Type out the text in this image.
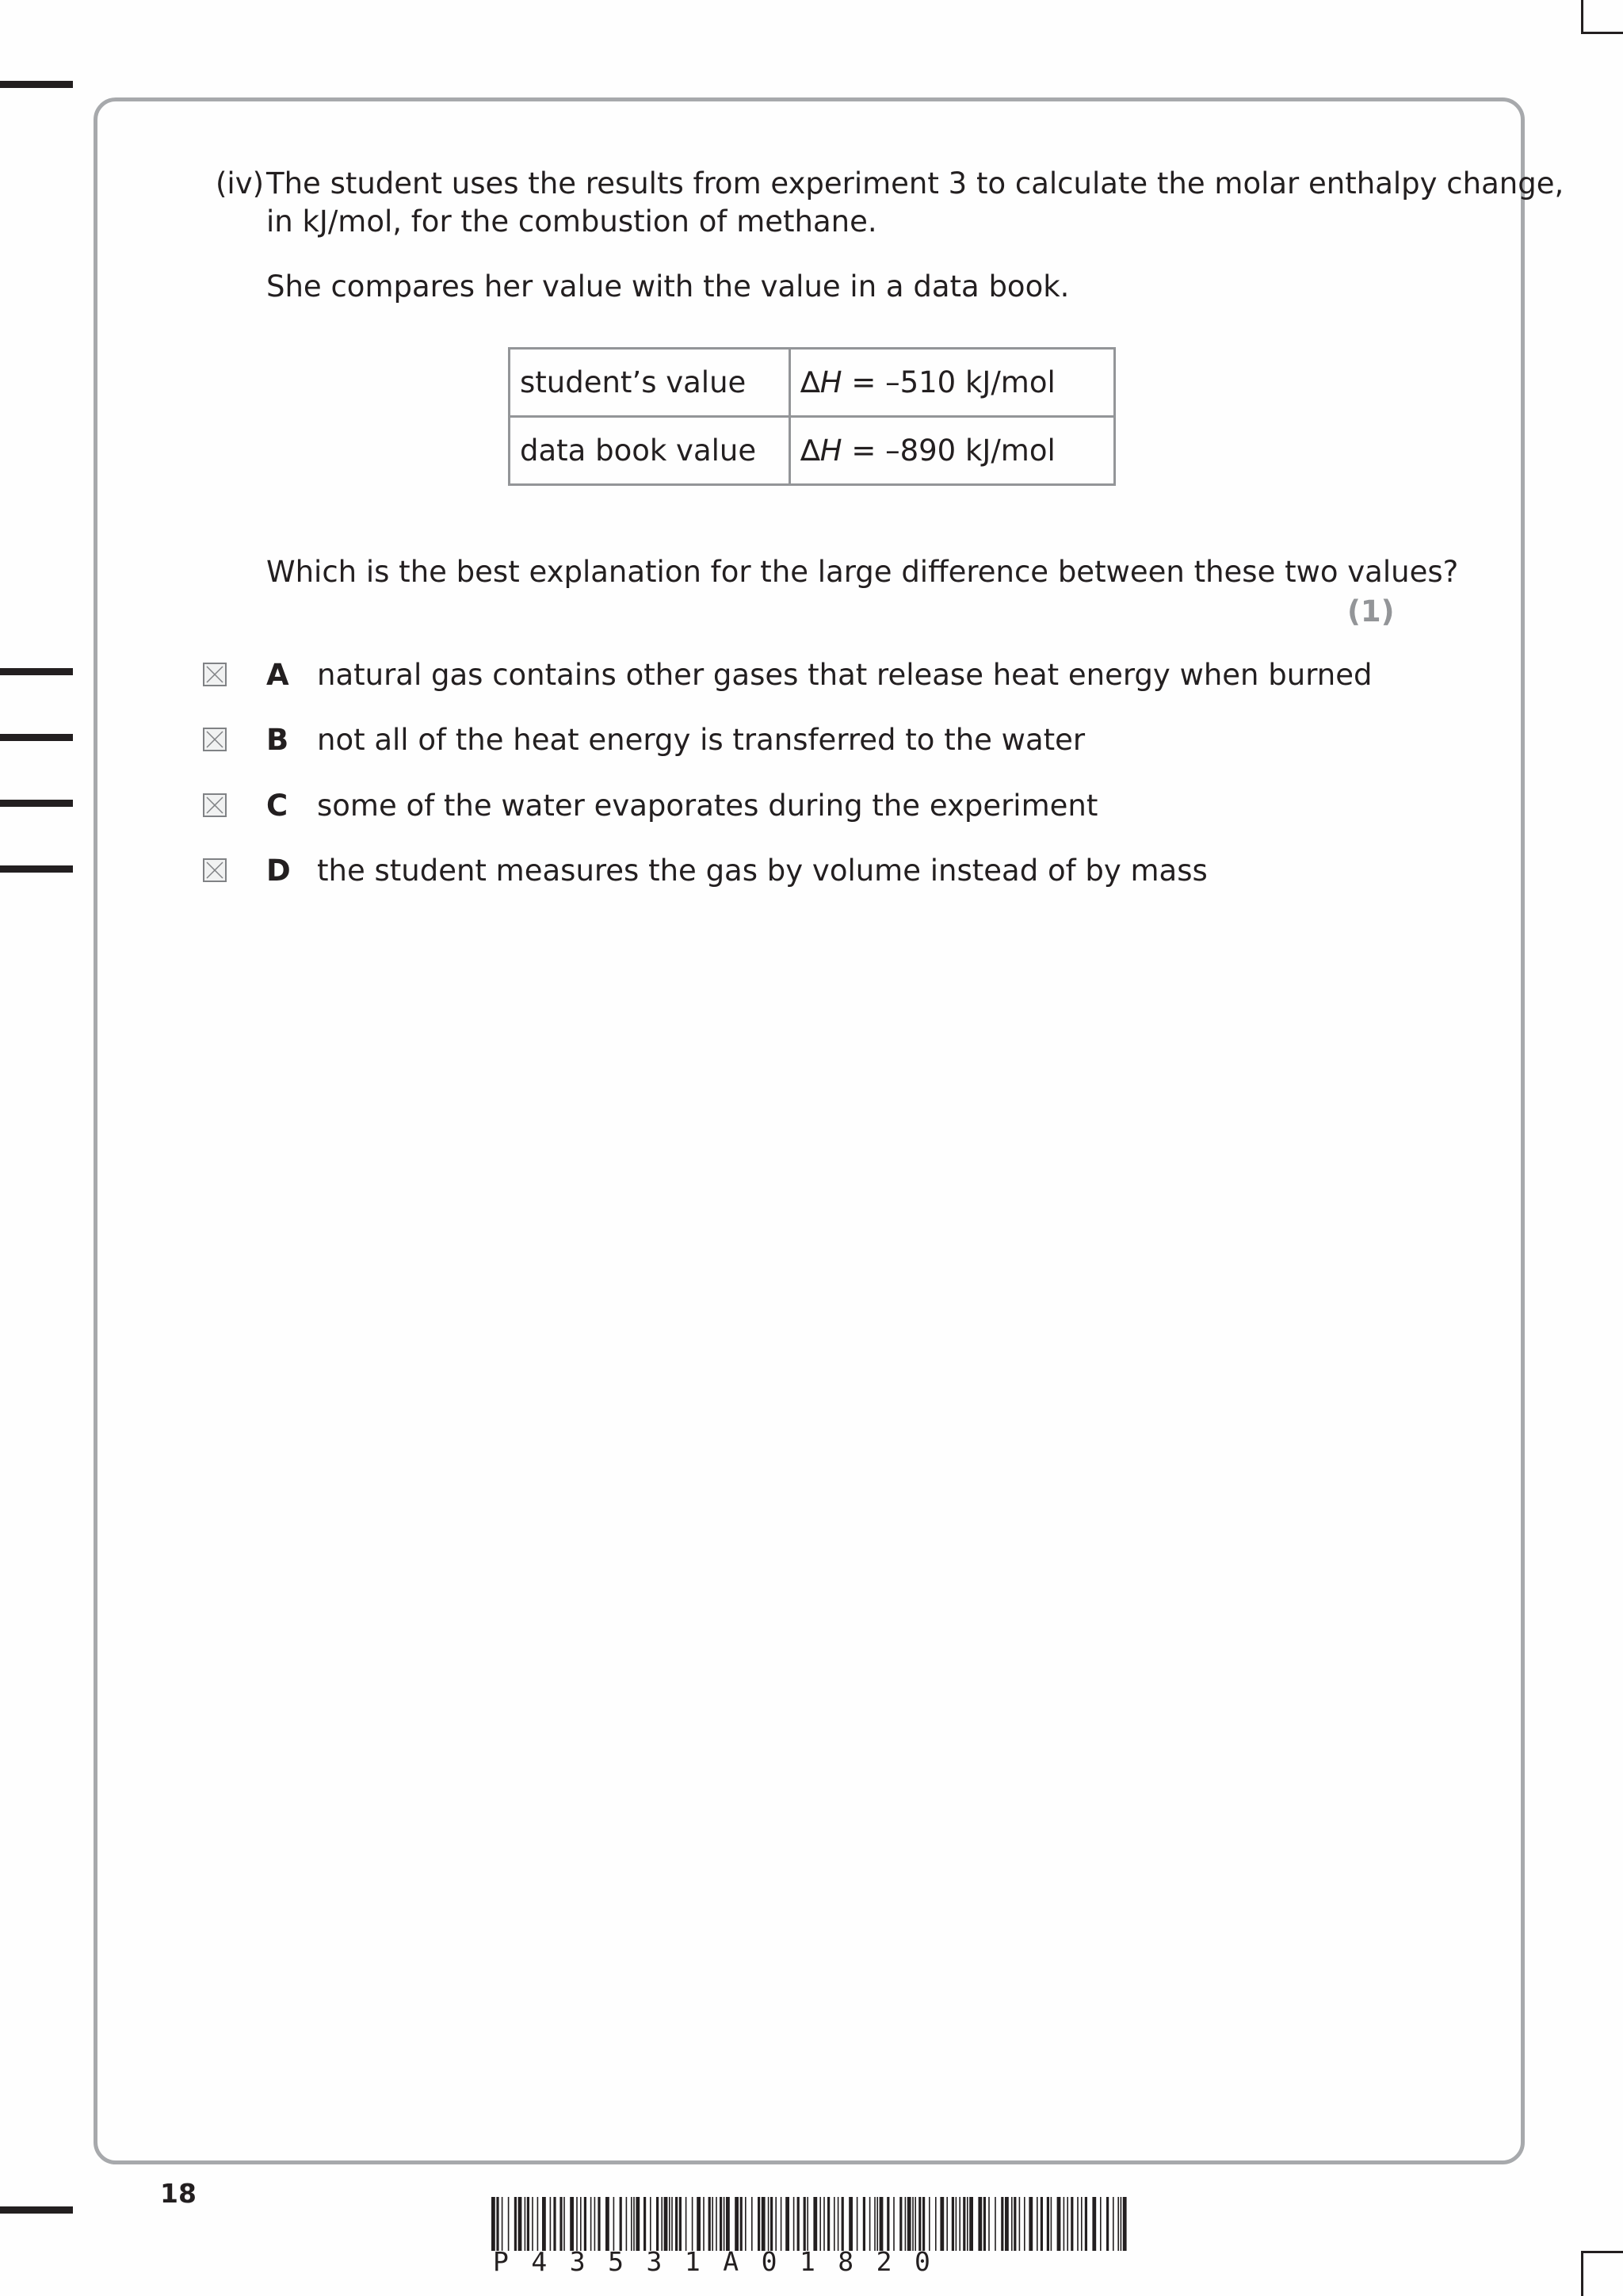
(iv) The student uses the results from experiment 3 to calculate the molar enthalpy change,
in kJ/mol, for the combustion of methane.
She compares her value with the value in a data book.
student’s value	∆H = –510 kJ/mol
data book value	∆H = –890 kJ/mol
Which is the best explanation for the large difference between these two values?
(1)
A natural gas contains other gases that release heat energy when burned
B not all of the heat energy is transferred to the water
C some of the water evaporates during the experiment
D the student measures the gas by volume instead of by mass
18
P43531A01820
